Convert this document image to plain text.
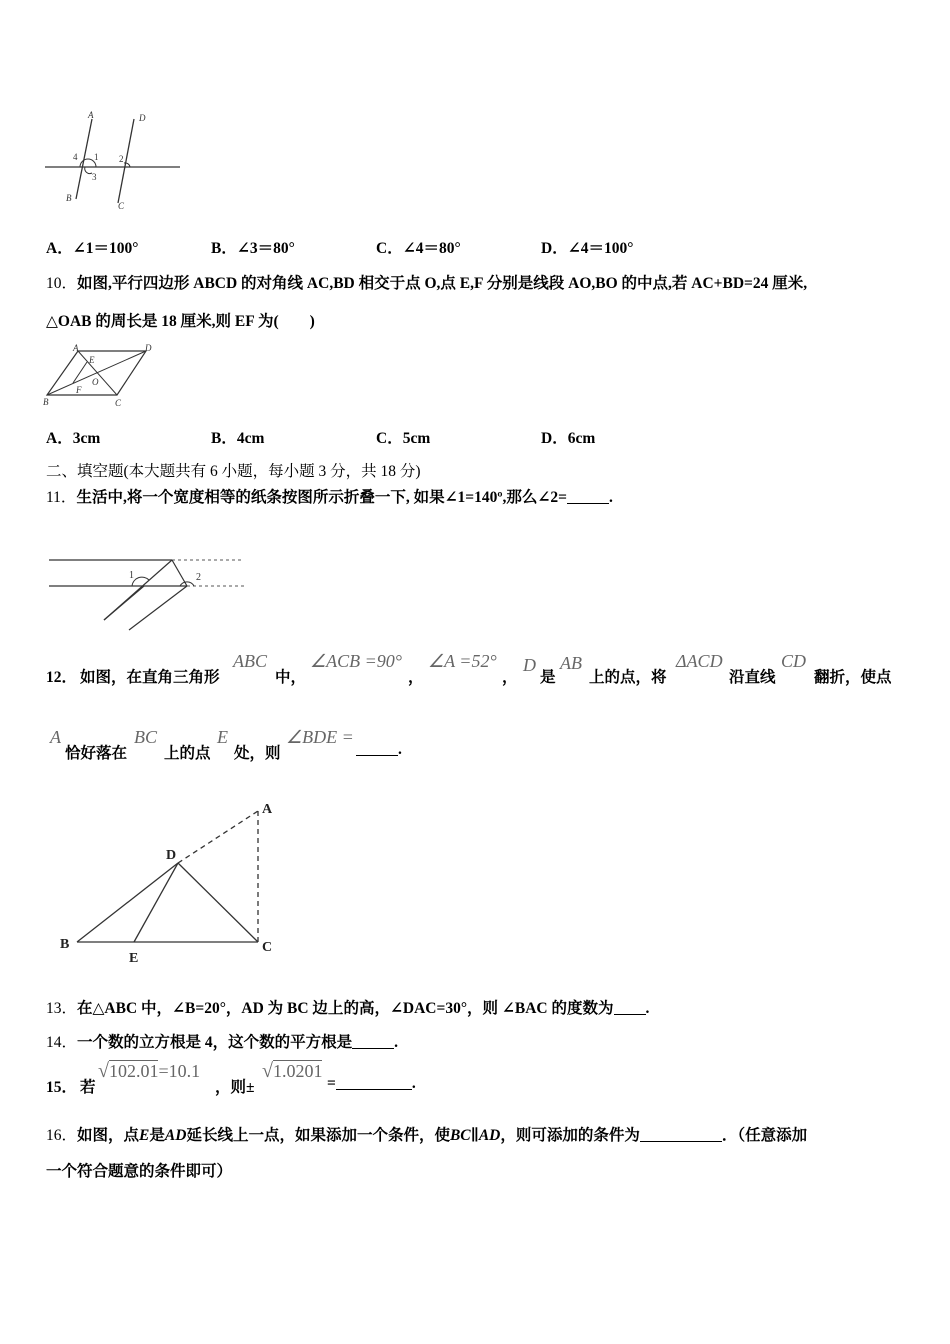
A	D
4 1 2
3
B
C
A．∠1＝100°	B．∠3＝80°	C．∠4＝80°	D．∠4＝100°
10．如图,平行四边形 ABCD 的对角线 AC,BD 相交于点 O,点 E,F 分别是线段 AO,BO 的中点,若 AC+BD=24 厘米,
△OAB 的周长是 18 厘米,则 EF 为(　　)
A	D
E
O
F
B	C
A．3cm	B．4cm	C．5cm	D．6cm
二、填空题(本大题共有 6 小题，每小题 3 分，共 18 分)
11．生活中,将一个宽度相等的纸条按图所示折叠一下, 如果∠1=140º,那么∠2=	.
1	2
12． 如图，在直角三角形
ABC
中，
∠ACB =90°
，
∠A =52°
，
D
是
AB
上的点，将
ΔACD
沿直线
CD
翻折，使点
A
恰好落在
BC
上的点
E
处，则
∠BDE =
.
A
D
B
E
C
13．在△ABC 中，∠B=20°，AD 为 BC 边上的高，∠DAC=30°，则 ∠BAC 的度数为 .
14．一个数的立方根是 4，这个数的平方根是	.
15． 若
√102.01=10.1
，则±
√1.0201
=	.
16．如图，点E是AD延长线上一点，如果添加一个条件，使BC∥AD，则可添加的条件为	．（任意添加
一个符合题意的条件即可）
